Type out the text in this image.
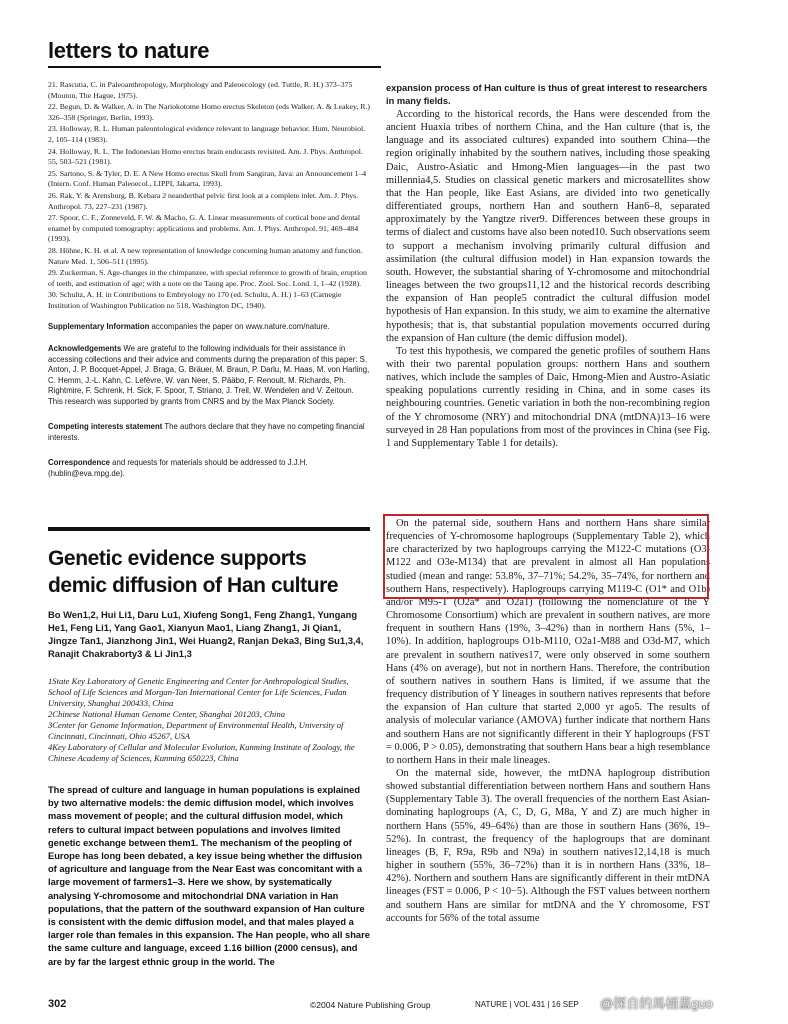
letters to nature
21. Rascutia, C. in Paleoanthropology, Morphology and Paleoecology (ed. Tuttle, R. H.) 373–375 (Mouton, The Hague, 1975).
22. Begun, D. & Walker, A. in The Nariokotome Homo erectus Skeleton (eds Walker, A. & Leakey, R.) 326–358 (Springer, Berlin, 1993).
23. Holloway, R. L. Human paleontological evidence relevant to language behavior. Hum. Neurobiol. 2, 105–114 (1983).
24. Holloway, R. L. The Indonesian Homo erectus brain endocasts revisited. Am. J. Phys. Anthropol. 55, 503–521 (1981).
25. Sartono, S. & Tyler, D. E. A New Homo erectus Skull from Sangiran, Java: an Announcement 1–4 (Intern. Conf. Human Paleoecol., LIPPI, Jakarta, 1993).
26. Rak, Y. & Arensburg, B. Kebara 2 neanderthal pelvic first look at a complete inlet. Am. J. Phys. Anthropol. 73, 227–231 (1987).
27. Spoor, C. F., Zonneveld, F. W. & Macho, G. A. Linear measurements of cortical bone and dental enamel by computed tomography: applications and problems. Am. J. Phys. Anthropol. 91, 469–484 (1993).
28. Höhne, K. H. et al. A new representation of knowledge concerning human anatomy and function. Nature Med. 1, 506–511 (1995).
29. Zuckerman, S. Age-changes in the chimpanzee, with special reference to growth of brain, eruption of teeth, and estimation of age; with a note on the Taung ape. Proc. Zool. Soc. Lond. 1, 1–42 (1928).
30. Schultz, A. H. in Contributions to Embryology no 170 (ed. Schultz, A. H.) 1–63 (Carnegie Institution of Washington Publication no 518, Washington DC, 1940).
Supplementary Information accompanies the paper on www.nature.com/nature.
Acknowledgements We are grateful to the following individuals for their assistance in accessing collections and their advice and comments during the preparation of this paper: S. Anton, J. P. Bocquet-Appel, J. Braga, G. Bräuer, M. Braun, P. Darlu, M. Haas, M. von Harling, C. Hemm, J.-L. Kahn, C. Lefèvre, W. van Neer, S. Pääbo, F. Renoult, M. Richards, Ph. Rightmire, F. Schrenk, H. Sick, F. Spoor, T. Striano, J. Treil, W. Wendelen and V. Zeitoun. This research was supported by grants from CNRS and by the Max Planck Society.
Competing interests statement The authors declare that they have no competing financial interests.
Correspondence and requests for materials should be addressed to J.J.H. (hublin@eva.mpg.de).
Genetic evidence supports demic diffusion of Han culture
Bo Wen1,2, Hui Li1, Daru Lu1, Xiufeng Song1, Feng Zhang1, Yungang He1, Feng Li1, Yang Gao1, Xianyun Mao1, Liang Zhang1, Ji Qian1, Jingze Tan1, Jianzhong Jin1, Wei Huang2, Ranjan Deka3, Bing Su1,3,4, Ranajit Chakraborty3 & Li Jin1,3

1State Key Laboratory of Genetic Engineering and Center for Anthropological Studies, School of Life Sciences and Morgan-Tan International Center for Life Sciences, Fudan University, Shanghai 200433, China

2Chinese National Human Genome Center, Shanghai 201203, China

3Center for Genome Information, Department of Environmental Health, University of Cincinnati, Cincinnati, Ohio 45267, USA

4Key Laboratory of Cellular and Molecular Evolution, Kunming Institute of Zoology, the Chinese Academy of Sciences, Kunming 650223, China

The spread of culture and language in human populations is explained by two alternative models: the demic diffusion model, which involves mass movement of people; and the cultural diffusion model, which refers to cultural impact between populations and involves limited genetic exchange between them1. The mechanism of the peopling of Europe has long been debated, a key issue being whether the diffusion of agriculture and language from the Near East was concomitant with a large movement of farmers1–3. Here we show, by systematically analysing Y-chromosome and mitochondrial DNA variation in Han populations, that the pattern of the southward expansion of Han culture is consistent with the demic diffusion model, and that males played a larger role than females in this expansion. The Han people, who all share the same culture and language, exceed 1.16 billion (2000 census), and are by far the largest ethnic group in the world. The
expansion process of Han culture is thus of great interest to researchers in many fields.

According to the historical records, the Hans were descended from the ancient Huaxia tribes of northern China, and the Han culture (that is, the language and its associated cultures) expanded into southern China—the region originally inhabited by the southern natives, including those speaking Daic, Austro-Asiatic and Hmong-Mien languages—in the past two millennia4,5. Studies on classical genetic markers and microsatellites show that the Han people, like East Asians, are divided into two genetically differentiated groups, northern Han and southern Han6–8, separated approximately by the Yangtze river9. Differences between these groups in terms of dialect and customs have also been noted10. Such observations seem to support a mechanism involving primarily cultural diffusion and assimilation (the cultural diffusion model) in Han expansion towards the south. However, the substantial sharing of Y-chromosome and mitochondrial lineages between the two groups11,12 and the historical records describing the expansion of Han people5 contradict the cultural diffusion model hypothesis of Han expansion. In this study, we aim to examine the alternative hypothesis; that is, that substantial population movements occurred during the expansion of Han culture (the demic diffusion model).

To test this hypothesis, we compared the genetic profiles of southern Hans with their two parental population groups: northern Hans and southern natives, which include the samples of Daic, Hmong-Mien and Austro-Asiatic speaking populations currently residing in China, and in some cases its neighbouring countries. Genetic variation in both the non-recombining region of the Y chromosome (NRY) and mitochondrial DNA (mtDNA)13–16 were surveyed in 28 Han populations from most of the provinces in China (see Fig. 1 and Supplementary Table 1 for details).

On the paternal side, southern Hans and northern Hans share similar frequencies of Y-chromosome haplogroups (Supplementary Table 2), which are characterized by two haplogroups carrying the M122-C mutations (O3-M122 and O3e-M134) that are prevalent in almost all Han populations studied (mean and range: 53.8%, 37–71%; 54.2%, 35–74%, for northern and southern Hans, respectively). Haplogroups carrying M119-C (O1* and O1b) and/or M95-T (O2a* and O2a1) (following the nomenclature of the Y Chromosome Consortium) which are prevalent in southern natives, are more frequent in southern Hans (19%, 3–42%) than in northern Hans (5%, 1–10%). In addition, haplogroups O1b-M110, O2a1-M88 and O3d-M7, which are prevalent in southern natives17, were only observed in some southern Hans (4% on average), but not in northern Hans. Therefore, the contribution of southern natives in southern Hans is limited, if we assume that the frequency distribution of Y lineages in southern natives represents that before the expansion of Han culture that started 2,000 yr ago5. The results of analysis of molecular variance (AMOVA) further indicate that northern Hans and southern Hans are not significantly different in their Y haplogroups (FST = 0.006, P > 0.05), demonstrating that southern Hans bear a high resemblance to northern Hans in their male lineages.

On the maternal side, however, the mtDNA haplogroup distribution showed substantial differentiation between northern Hans and southern Hans (Supplementary Table 3). The overall frequencies of the northern East Asian-dominating haplogroups (A, C, D, G, M8a, Y and Z) are much higher in northern Hans (55%, 49–64%) than are those in southern Hans (36%, 19–52%). In contrast, the frequency of the haplogroups that are dominant lineages (B, F, R9a, R9b and N9a) in southern natives12,14,18 is much higher in southern (55%, 36–72%) than it is in northern Hans (33%, 18–42%). Northern and southern Hans are significantly different in their mtDNA lineages (FST = 0.006, P < 10−5). Although the FST values between northern and southern Hans are similar for mtDNA and the Y chromosome, FST accounts for 56% of the total assume

302	©2004 Nature Publishing Group	NATURE | VOL 431 | 16 SEP @探自的馬桶蓋guo
